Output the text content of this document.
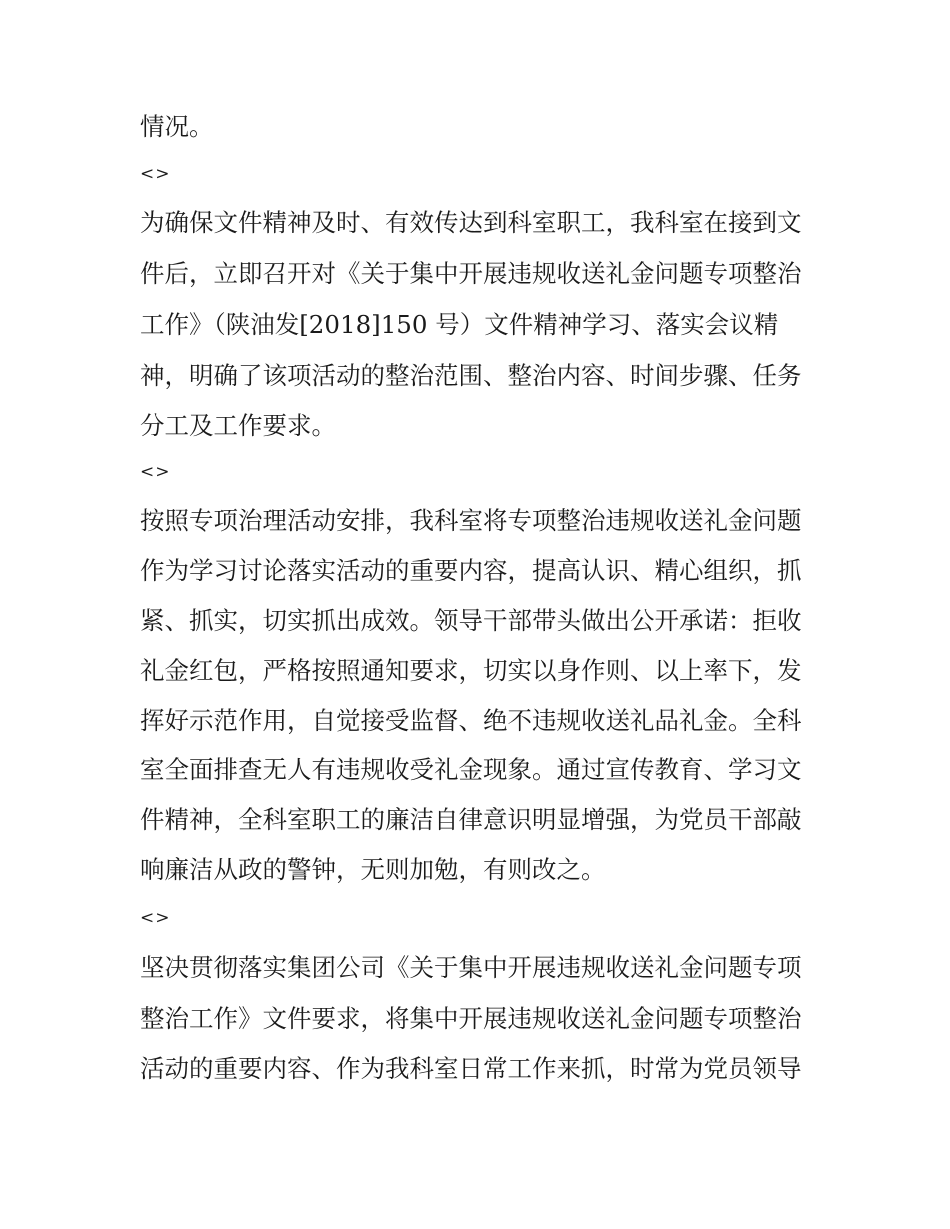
情况。
<>
为确保文件精神及时、有效传达到科室职工，我科室在接到文
件后，立即召开对《关于集中开展违规收送礼金问题专项整治
工作》（陕油发[2018]150 号）文件精神学习、落实会议精
神，明确了该项活动的整治范围、整治内容、时间步骤、任务
分工及工作要求。
<>
按照专项治理活动安排，我科室将专项整治违规收送礼金问题
作为学习讨论落实活动的重要内容，提高认识、精心组织，抓
紧、抓实，切实抓出成效。领导干部带头做出公开承诺：拒收
礼金红包，严格按照通知要求，切实以身作则、以上率下，发
挥好示范作用，自觉接受监督、绝不违规收送礼品礼金。全科
室全面排查无人有违规收受礼金现象。通过宣传教育、学习文
件精神，全科室职工的廉洁自律意识明显增强，为党员干部敲
响廉洁从政的警钟，无则加勉，有则改之。
<>
坚决贯彻落实集团公司《关于集中开展违规收送礼金问题专项
整治工作》文件要求，将集中开展违规收送礼金问题专项整治
活动的重要内容、作为我科室日常工作来抓，时常为党员领导
